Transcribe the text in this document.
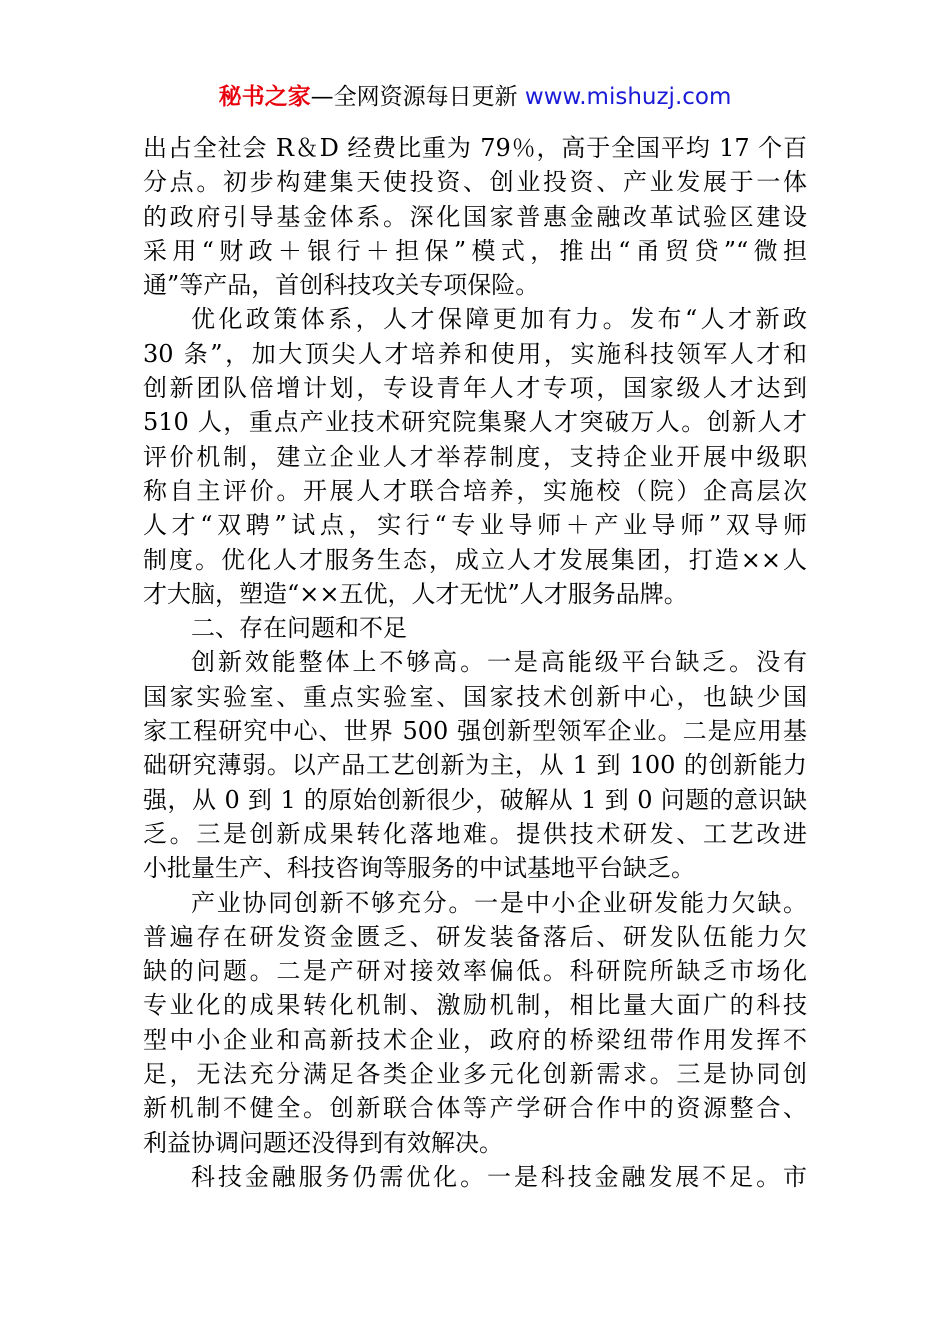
秘书之家—全网资源每日更新 www.mishuzj.com
出占全社会 R＆D 经费比重为 79％，高于全国平均 17 个百
分点。初步构建集天使投资、创业投资、产业发展于一体
的政府引导基金体系。深化国家普惠金融改革试验区建设
采用“财政＋银行＋担保”模式，推出“甬贸贷”“微担
通”等产品，首创科技攻关专项保险。
优化政策体系，人才保障更加有力。发布“人才新政
30 条”，加大顶尖人才培养和使用，实施科技领军人才和
创新团队倍增计划，专设青年人才专项，国家级人才达到
510 人，重点产业技术研究院集聚人才突破万人。创新人才
评价机制，建立企业人才举荐制度，支持企业开展中级职
称自主评价。开展人才联合培养，实施校（院）企高层次
人才“双聘”试点，实行“专业导师＋产业导师”双导师
制度。优化人才服务生态，成立人才发展集团，打造××人
才大脑，塑造“××五优，人才无忧”人才服务品牌。
二、存在问题和不足
创新效能整体上不够高。一是高能级平台缺乏。没有
国家实验室、重点实验室、国家技术创新中心，也缺少国
家工程研究中心、世界 500 强创新型领军企业。二是应用基
础研究薄弱。以产品工艺创新为主，从 1 到 100 的创新能力
强，从 0 到 1 的原始创新很少，破解从 1 到 0 问题的意识缺
乏。三是创新成果转化落地难。提供技术研发、工艺改进
小批量生产、科技咨询等服务的中试基地平台缺乏。
产业协同创新不够充分。一是中小企业研发能力欠缺。
普遍存在研发资金匮乏、研发装备落后、研发队伍能力欠
缺的问题。二是产研对接效率偏低。科研院所缺乏市场化
专业化的成果转化机制、激励机制，相比量大面广的科技
型中小企业和高新技术企业，政府的桥梁纽带作用发挥不
足，无法充分满足各类企业多元化创新需求。三是协同创
新机制不健全。创新联合体等产学研合作中的资源整合、
利益协调问题还没得到有效解决。
科技金融服务仍需优化。一是科技金融发展不足。市
